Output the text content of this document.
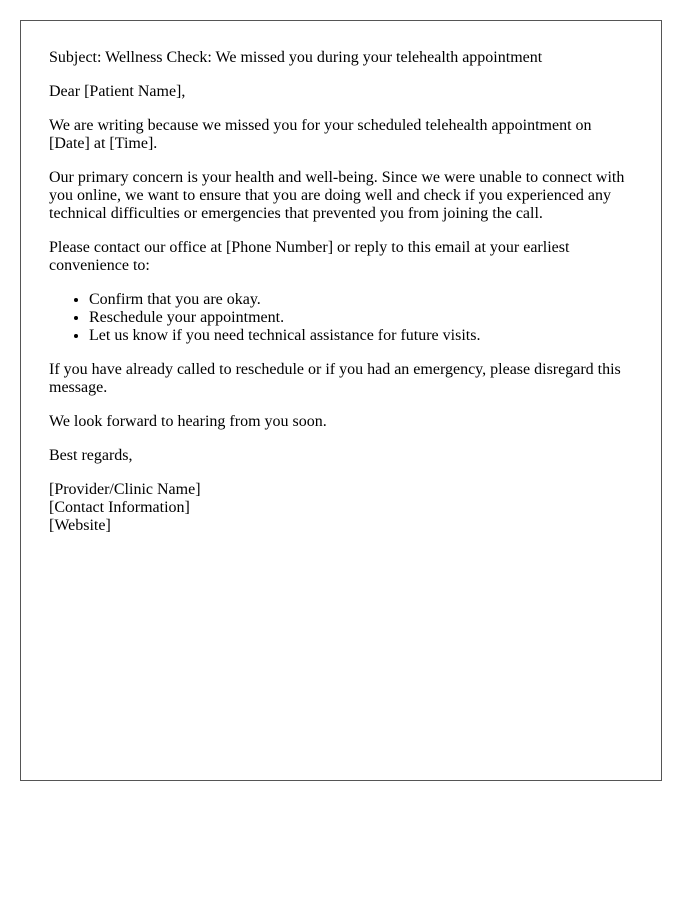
Subject: Wellness Check: We missed you during your telehealth appointment

Dear [Patient Name],

We are writing because we missed you for your scheduled telehealth appointment on [Date] at [Time].

Our primary concern is your health and well-being. Since we were unable to connect with you online, we want to ensure that you are doing well and check if you experienced any technical difficulties or emergencies that prevented you from joining the call.

Please contact our office at [Phone Number] or reply to this email at your earliest convenience to:

• Confirm that you are okay.
• Reschedule your appointment.
• Let us know if you need technical assistance for future visits.

If you have already called to reschedule or if you had an emergency, please disregard this message.

We look forward to hearing from you soon.

Best regards,

[Provider/Clinic Name]
[Contact Information]
[Website]
